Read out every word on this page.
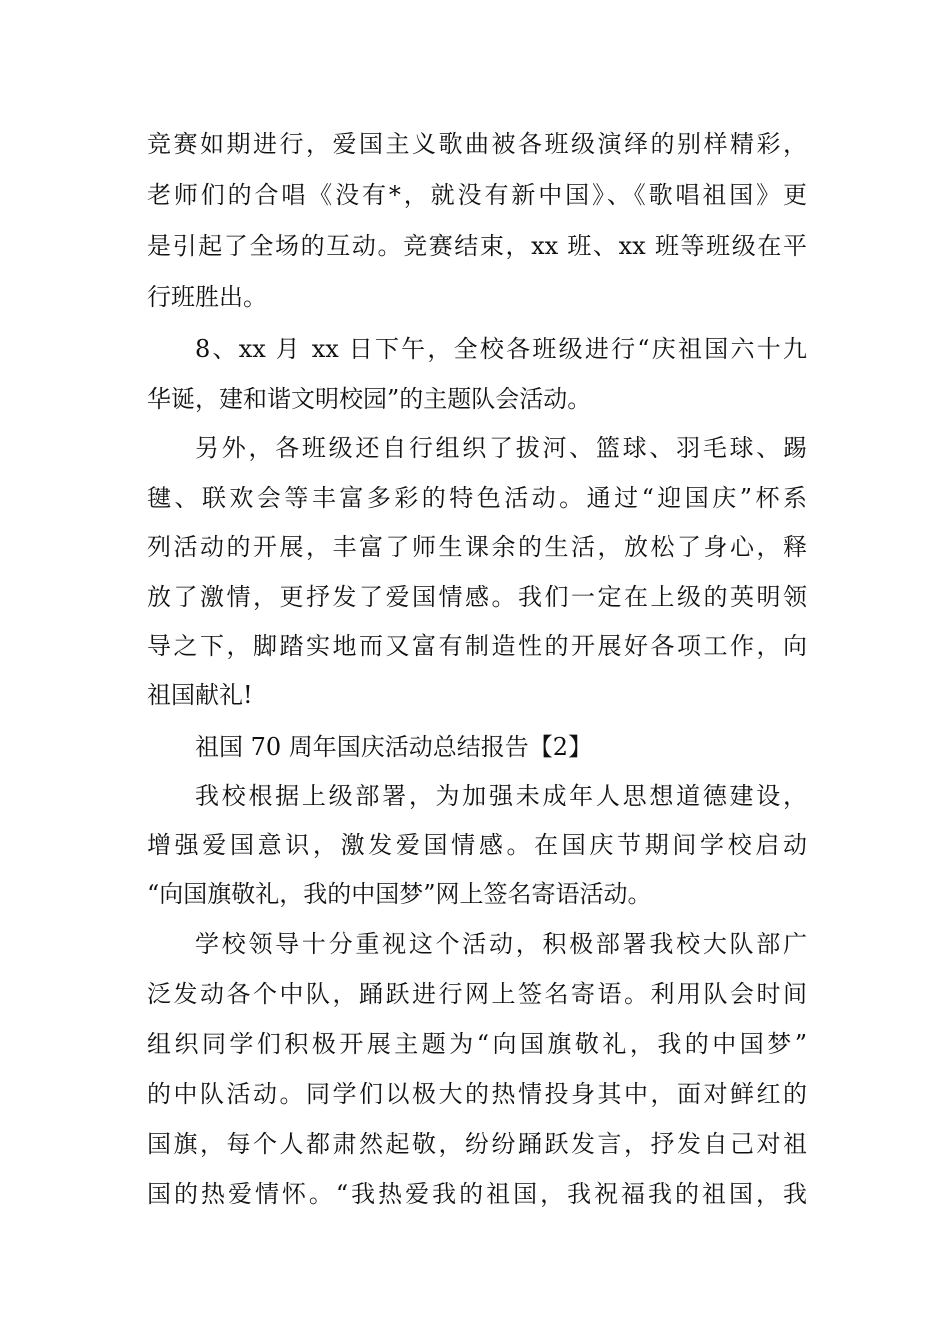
竞赛如期进行，爱国主义歌曲被各班级演绎的别样精彩，
老师们的合唱《没有*，就没有新中国》、《歌唱祖国》更
是引起了全场的互动。竞赛结束，xx 班、xx 班等班级在平
行班胜出。
8、xx 月 xx 日下午，全校各班级进行“庆祖国六十九
华诞，建和谐文明校园”的主题队会活动。
另外，各班级还自行组织了拔河、篮球、羽毛球、踢
毽、联欢会等丰富多彩的特色活动。通过“迎国庆”杯系
列活动的开展，丰富了师生课余的生活，放松了身心，释
放了激情，更抒发了爱国情感。我们一定在上级的英明领
导之下，脚踏实地而又富有制造性的开展好各项工作，向
祖国献礼!
祖国 70 周年国庆活动总结报告【2】
我校根据上级部署，为加强未成年人思想道德建设，
增强爱国意识，激发爱国情感。在国庆节期间学校启动
“向国旗敬礼，我的中国梦”网上签名寄语活动。
学校领导十分重视这个活动，积极部署我校大队部广
泛发动各个中队，踊跃进行网上签名寄语。利用队会时间
组织同学们积极开展主题为“向国旗敬礼，我的中国梦”
的中队活动。同学们以极大的热情投身其中，面对鲜红的
国旗，每个人都肃然起敬，纷纷踊跃发言，抒发自己对祖
国的热爱情怀。“我热爱我的祖国，我祝福我的祖国，我
